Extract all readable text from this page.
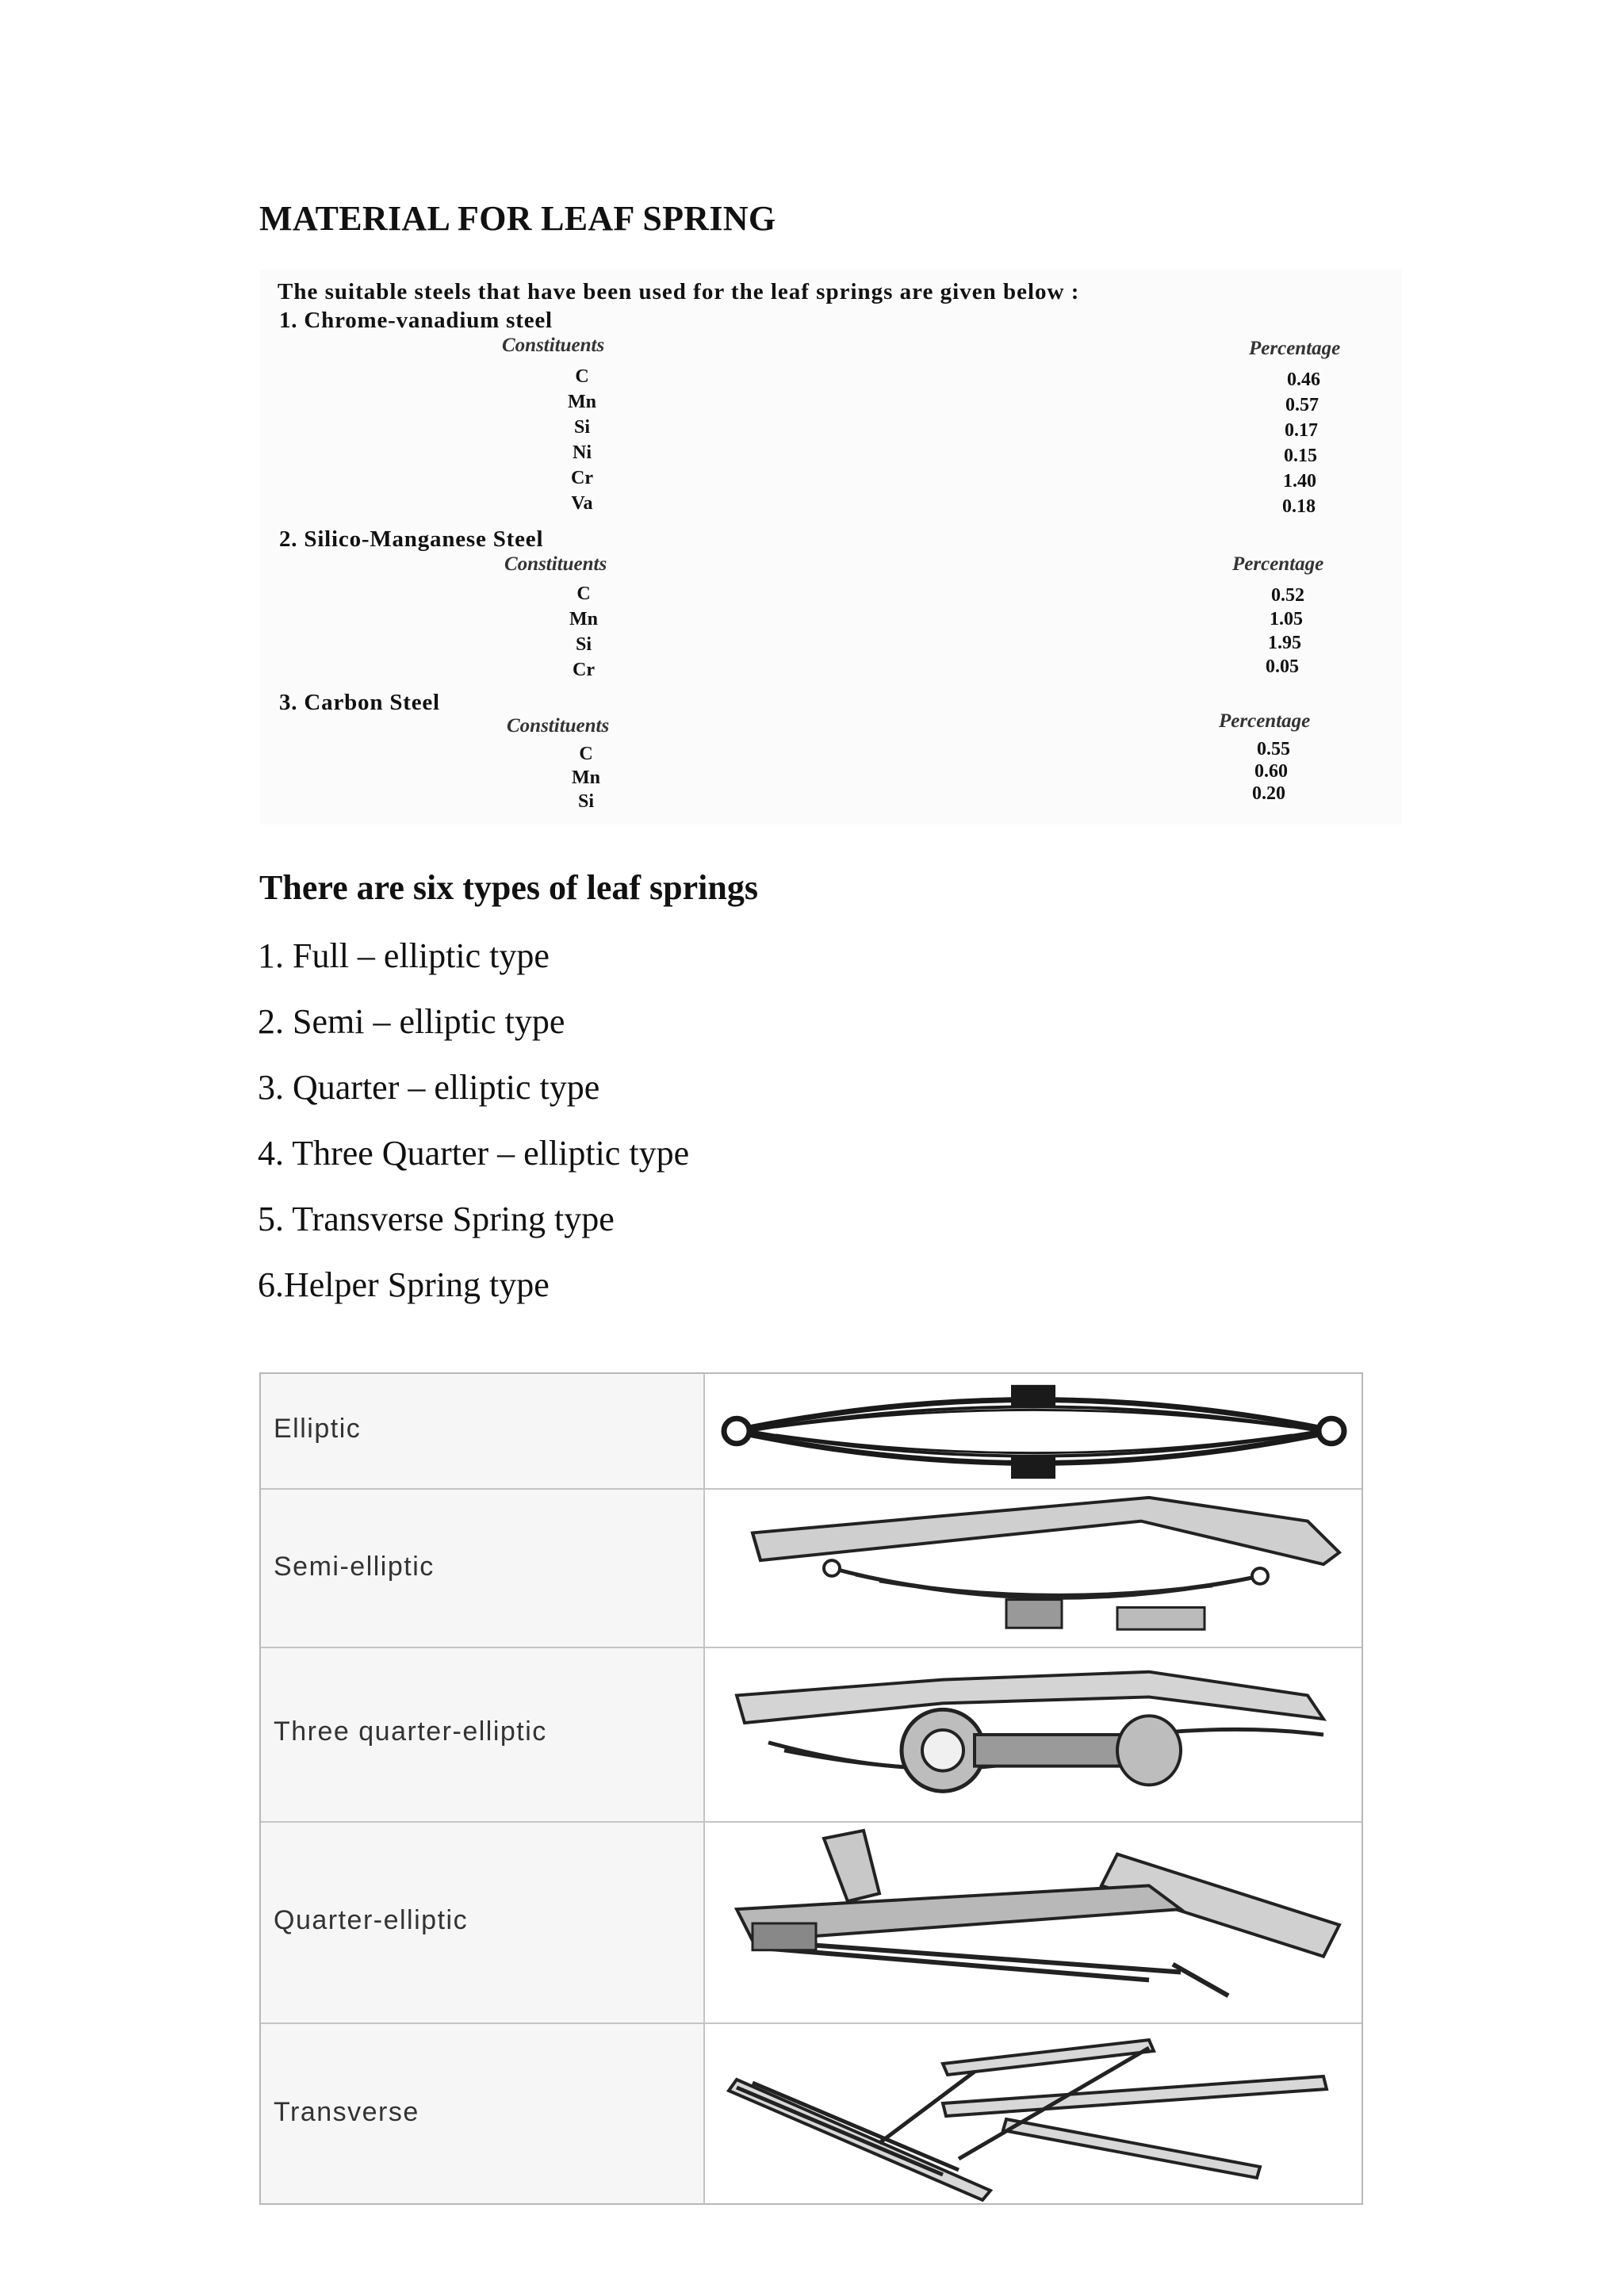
MATERIAL FOR LEAF SPRING
The suitable steels that have been used for the leaf springs are given below :
1. Chrome-vanadium steel
Constituents	Percentage
C	0.46
Mn	0.57
Si	0.17
Ni	0.15
Cr	1.40
Va	0.18
2. Silico-Manganese Steel
Constituents	Percentage
C	0.52
Mn	1.05
Si	1.95
Cr	0.05
3. Carbon Steel
Constituents	Percentage
C	0.55
Mn	0.60
Si	0.20
There are six types of leaf springs
1. Full – elliptic type
2. Semi – elliptic type
3. Quarter – elliptic type
4. Three Quarter – elliptic type
5. Transverse Spring type
6.Helper Spring type
Elliptic
Semi-elliptic
Three quarter-elliptic
Quarter-elliptic
Transverse
